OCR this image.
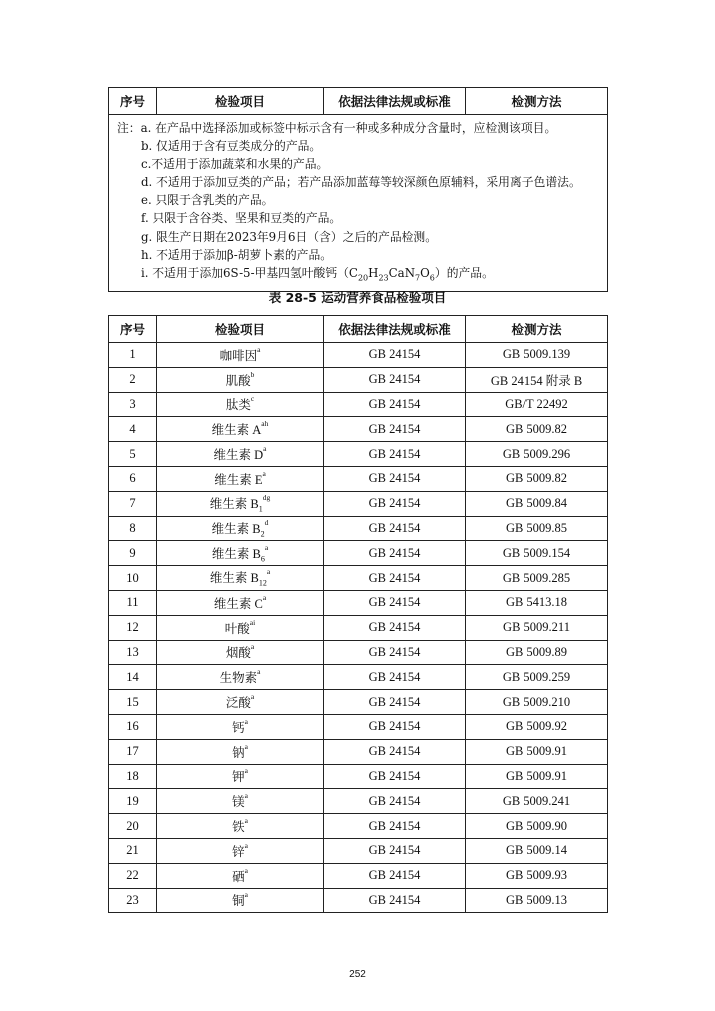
序号	检验项目	依据法律法规或标准	检测方法

注：a. 在产品中选择添加或标签中标示含有一种或多种成分含量时，应检测该项目。
b. 仅适用于含有豆类成分的产品。
c.不适用于添加蔬菜和水果的产品。
d. 不适用于添加豆类的产品；若产品添加蓝莓等较深颜色原辅料，采用离子色谱法。
e. 只限于含乳类的产品。
f. 只限于含谷类、坚果和豆类的产品。
g. 限生产日期在2023年9月6日（含）之后的产品检测。
h. 不适用于添加β-胡萝卜素的产品。
i. 不适用于添加6S-5-甲基四氢叶酸钙$(C_{20}H_{23}CaN_7O_6)$的产品。
表 28-5 运动营养食品检验项目
序号	检验项目	依据法律法规或标准	检测方法
1	咖啡因$^a$	GB 24154	GB 5009.139
2	肌酸$^b$	GB 24154	GB 24154 附录 B
3	肽类$^c$	GB 24154	GB/T 22492
4	维生素 $A^{ah}$	GB 24154	GB 5009.82
5	维生素 $D^a$	GB 24154	GB 5009.296
6	维生素 $E^a$	GB 24154	GB 5009.82
7	维生素 $B_1^{dg}$	GB 24154	GB 5009.84
8	维生素 $B_2^d$	GB 24154	GB 5009.85
9	维生素 $B_6^a$	GB 24154	GB 5009.154
10	维生素 $B_{12}^a$	GB 24154	GB 5009.285
11	维生素 $C^a$	GB 24154	GB 5413.18
12	叶酸$^{ai}$	GB 24154	GB 5009.211
13	烟酸$^a$	GB 24154	GB 5009.89
14	生物素$^a$	GB 24154	GB 5009.259
15	泛酸$^a$	GB 24154	GB 5009.210
16	钙$^a$	GB 24154	GB 5009.92
17	钠$^a$	GB 24154	GB 5009.91
18	钾$^a$	GB 24154	GB 5009.91
19	镁$^a$	GB 24154	GB 5009.241
20	铁$^a$	GB 24154	GB 5009.90
21	锌$^a$	GB 24154	GB 5009.14
22	硒$^a$	GB 24154	GB 5009.93
23	铜$^a$	GB 24154	GB 5009.13
252
